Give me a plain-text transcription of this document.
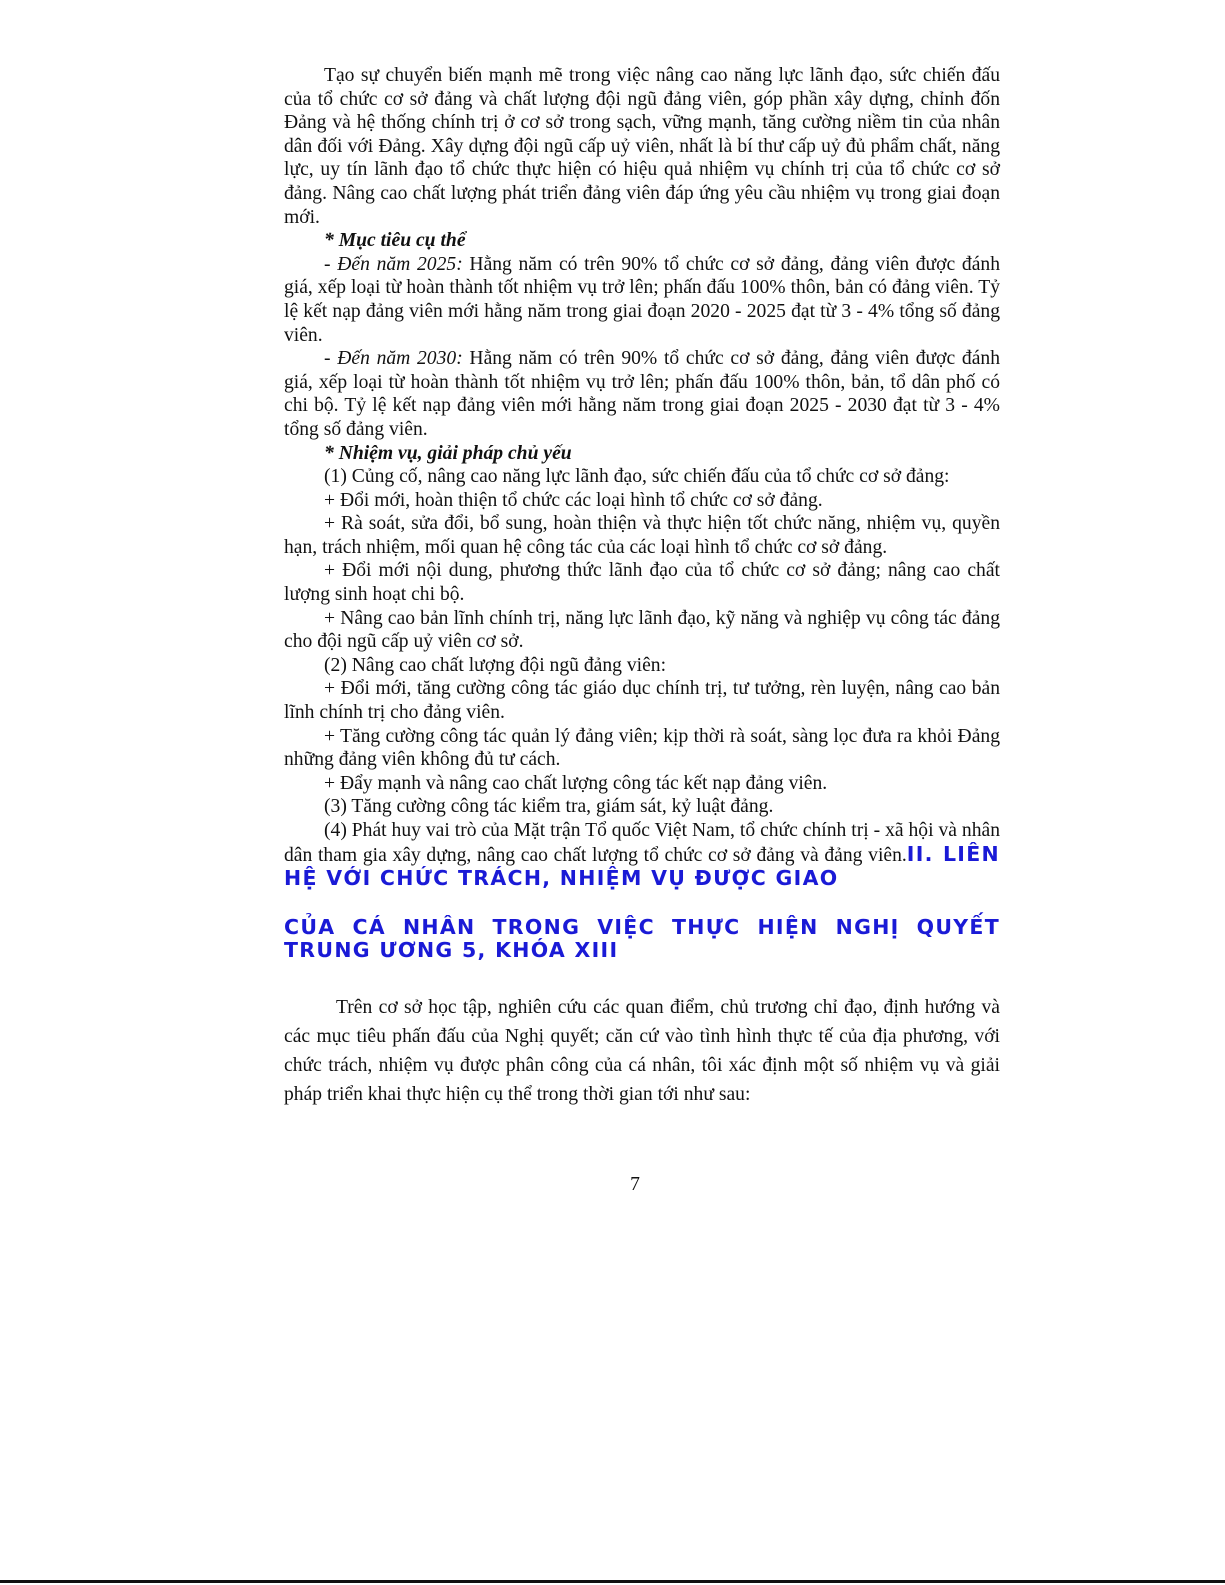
Tạo sự chuyển biến mạnh mẽ trong việc nâng cao năng lực lãnh đạo, sức chiến đấu của tổ chức cơ sở đảng và chất lượng đội ngũ đảng viên, góp phần xây dựng, chỉnh đốn Đảng và hệ thống chính trị ở cơ sở trong sạch, vững mạnh, tăng cường niềm tin của nhân dân đối với Đảng. Xây dựng đội ngũ cấp uỷ viên, nhất là bí thư cấp uỷ đủ phẩm chất, năng lực, uy tín lãnh đạo tổ chức thực hiện có hiệu quả nhiệm vụ chính trị của tổ chức cơ sở đảng. Nâng cao chất lượng phát triển đảng viên đáp ứng yêu cầu nhiệm vụ trong giai đoạn mới.

* Mục tiêu cụ thể

- Đến năm 2025: Hằng năm có trên 90% tổ chức cơ sở đảng, đảng viên được đánh giá, xếp loại từ hoàn thành tốt nhiệm vụ trở lên; phấn đấu 100% thôn, bản có đảng viên. Tỷ lệ kết nạp đảng viên mới hằng năm trong giai đoạn 2020 - 2025 đạt từ 3 - 4% tổng số đảng viên.

- Đến năm 2030: Hằng năm có trên 90% tổ chức cơ sở đảng, đảng viên được đánh giá, xếp loại từ hoàn thành tốt nhiệm vụ trở lên; phấn đấu 100% thôn, bản, tổ dân phố có chi bộ. Tỷ lệ kết nạp đảng viên mới hằng năm trong giai đoạn 2025 - 2030 đạt từ 3 - 4% tổng số đảng viên.

* Nhiệm vụ, giải pháp chủ yếu

(1) Củng cố, nâng cao năng lực lãnh đạo, sức chiến đấu của tổ chức cơ sở đảng:

+ Đổi mới, hoàn thiện tổ chức các loại hình tổ chức cơ sở đảng.

+ Rà soát, sửa đổi, bổ sung, hoàn thiện và thực hiện tốt chức năng, nhiệm vụ, quyền hạn, trách nhiệm, mối quan hệ công tác của các loại hình tổ chức cơ sở đảng.

+ Đổi mới nội dung, phương thức lãnh đạo của tổ chức cơ sở đảng; nâng cao chất lượng sinh hoạt chi bộ.

+ Nâng cao bản lĩnh chính trị, năng lực lãnh đạo, kỹ năng và nghiệp vụ công tác đảng cho đội ngũ cấp uỷ viên cơ sở.

(2) Nâng cao chất lượng đội ngũ đảng viên:

+ Đổi mới, tăng cường công tác giáo dục chính trị, tư tưởng, rèn luyện, nâng cao bản lĩnh chính trị cho đảng viên.

+ Tăng cường công tác quản lý đảng viên; kịp thời rà soát, sàng lọc đưa ra khỏi Đảng những đảng viên không đủ tư cách.

+ Đẩy mạnh và nâng cao chất lượng công tác kết nạp đảng viên.

(3) Tăng cường công tác kiểm tra, giám sát, kỷ luật đảng.

(4) Phát huy vai trò của Mặt trận Tổ quốc Việt Nam, tổ chức chính trị - xã hội và nhân dân tham gia xây dựng, nâng cao chất lượng tổ chức cơ sở đảng và đảng viên.II. LIÊN HỆ VỚI CHỨC TRÁCH, NHIỆM VỤ ĐƯỢC GIAO
CỦA CÁ NHÂN TRONG VIỆC THỰC HIỆN NGHỊ QUYẾT TRUNG ƯƠNG 5, KHÓA XIII

Trên cơ sở học tập, nghiên cứu các quan điểm, chủ trương chỉ đạo, định hướng và các mục tiêu phấn đấu của Nghị quyết; căn cứ vào tình hình thực tế của địa phương, với chức trách, nhiệm vụ được phân công của cá nhân, tôi xác định một số nhiệm vụ và giải pháp triển khai thực hiện cụ thể trong thời gian tới như sau:

7
